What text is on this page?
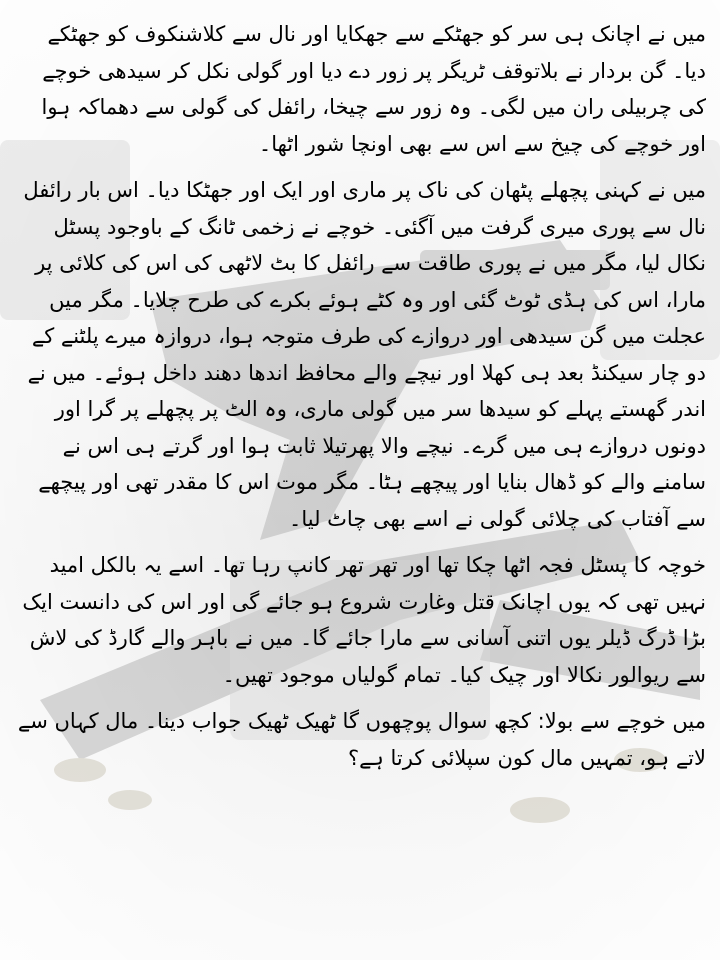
میں نے اچانک ہی سر کو جھٹکے سے جھکایا اور نال سے کلاشنکوف کو جھٹکے دیا۔ گن بردار نے بلاتوقف ٹریگر پر زور دے دیا اور گولی نکل کر سیدھی خوچے کی چربیلی ران میں لگی۔ وہ زور سے چیخا، رائفل کی گولی سے دھماکہ ہوا اور خوچے کی چیخ سے اس سے بھی اونچا شور اٹھا۔

میں نے کہنی پچھلے پٹھان کی ناک پر ماری اور ایک اور جھٹکا دیا۔ اس بار رائفل نال سے پوری میری گرفت میں آگئی۔ خوچے نے زخمی ٹانگ کے باوجود پسٹل نکال لیا، مگر میں نے پوری طاقت سے رائفل کا بٹ لاٹھی کی اس کی کلائی پر مارا، اس کی ہڈی ٹوٹ گئی اور وہ کٹے ہوئے بکرے کی طرح چلایا۔ مگر میں عجلت میں گن سیدھی اور دروازے کی طرف متوجہ ہوا، دروازہ میرے پلٹنے کے دو چار سیکنڈ بعد ہی کھلا اور نیچے والے محافظ اندھا دھند داخل ہوئے۔ میں نے اندر گھستے پہلے کو سیدھا سر میں گولی ماری، وہ الٹ پر پچھلے پر گرا اور دونوں دروازے ہی میں گرے۔ نیچے والا پھرتیلا ثابت ہوا اور گرتے ہی اس نے سامنے والے کو ڈھال بنایا اور پیچھے ہٹا۔ مگر موت اس کا مقدر تھی اور پیچھے سے آفتاب کی چلائی گولی نے اسے بھی چاٹ لیا۔

خوچہ کا پسٹل فجہ اٹھا چکا تھا اور تھر تھر کانپ رہا تھا۔ اسے یہ بالکل امید نہیں تھی کہ یوں اچانک قتل وغارت شروع ہو جائے گی اور اس کی دانست ایک بڑا ڈرگ ڈیلر یوں اتنی آسانی سے مارا جائے گا۔ میں نے باہر والے گارڈ کی لاش سے ریوالور نکالا اور چیک کیا۔ تمام گولیاں موجود تھیں۔

میں خوچے سے بولا: کچھ سوال پوچھوں گا ٹھیک ٹھیک جواب دینا۔ مال کہاں سے لاتے ہو، تمہیں مال کون سپلائی کرتا ہے؟
